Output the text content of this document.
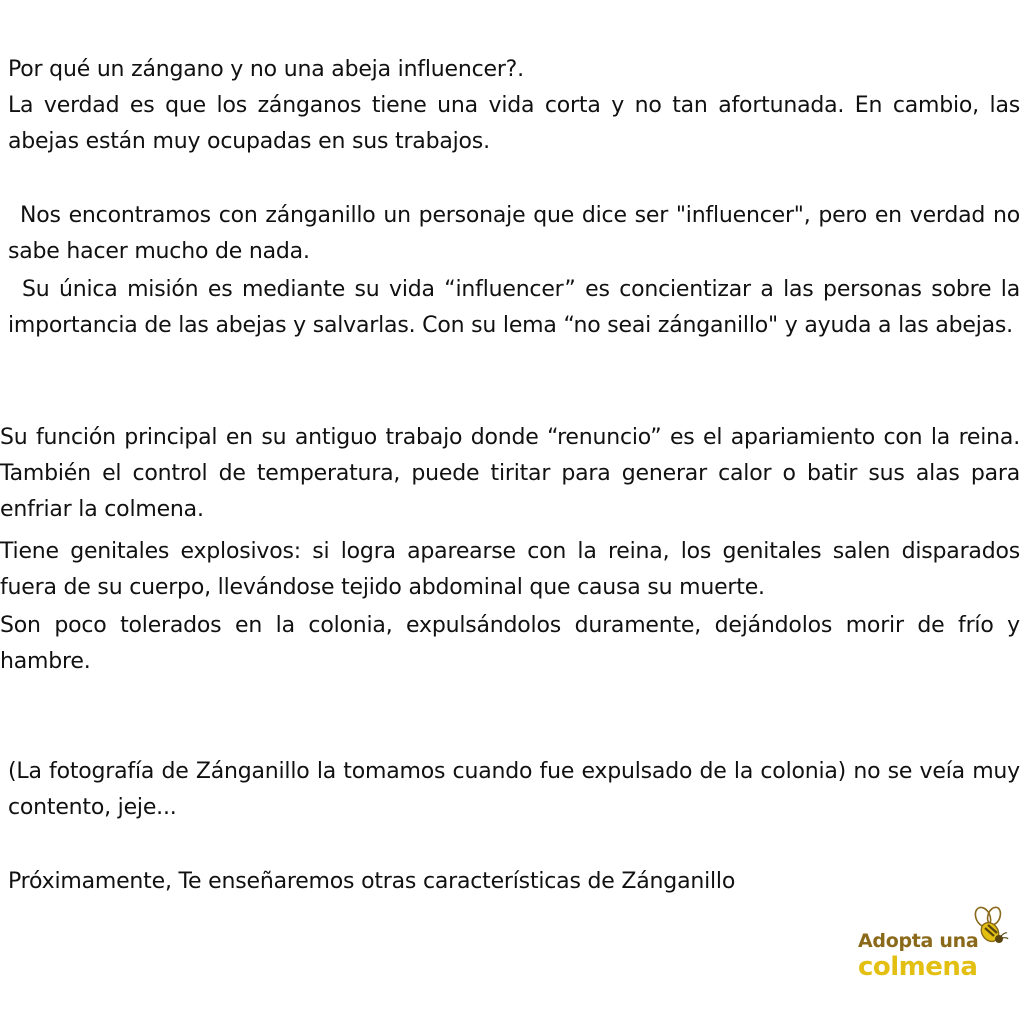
Por qué un zángano y no una abeja influencer?.
La verdad es que los zánganos tiene una vida corta y no tan afortunada. En cambio, las abejas están muy ocupadas en sus trabajos.

Nos encontramos con zánganillo un personaje que dice ser "influencer", pero en verdad no sabe hacer mucho de nada.

Su única misión es mediante su vida “influencer” es concientizar a las personas sobre la importancia de las abejas y salvarlas. Con su lema “no seai zánganillo" y ayuda a las abejas.

Su función principal en su antiguo trabajo donde “renuncio” es el apariamiento con la reina. También el control de temperatura, puede tiritar para generar calor o batir sus alas para enfriar la colmena.

Tiene genitales explosivos: si logra aparearse con la reina, los genitales salen disparados fuera de su cuerpo, llevándose tejido abdominal que causa su muerte.

Son poco tolerados en la colonia, expulsándolos duramente, dejándolos morir de frío y hambre.

(La fotografía de Zánganillo la tomamos cuando fue expulsado de la colonia) no se veía muy contento, jeje...

Próximamente, Te enseñaremos otras características de Zánganillo

Adopta una
colmena
